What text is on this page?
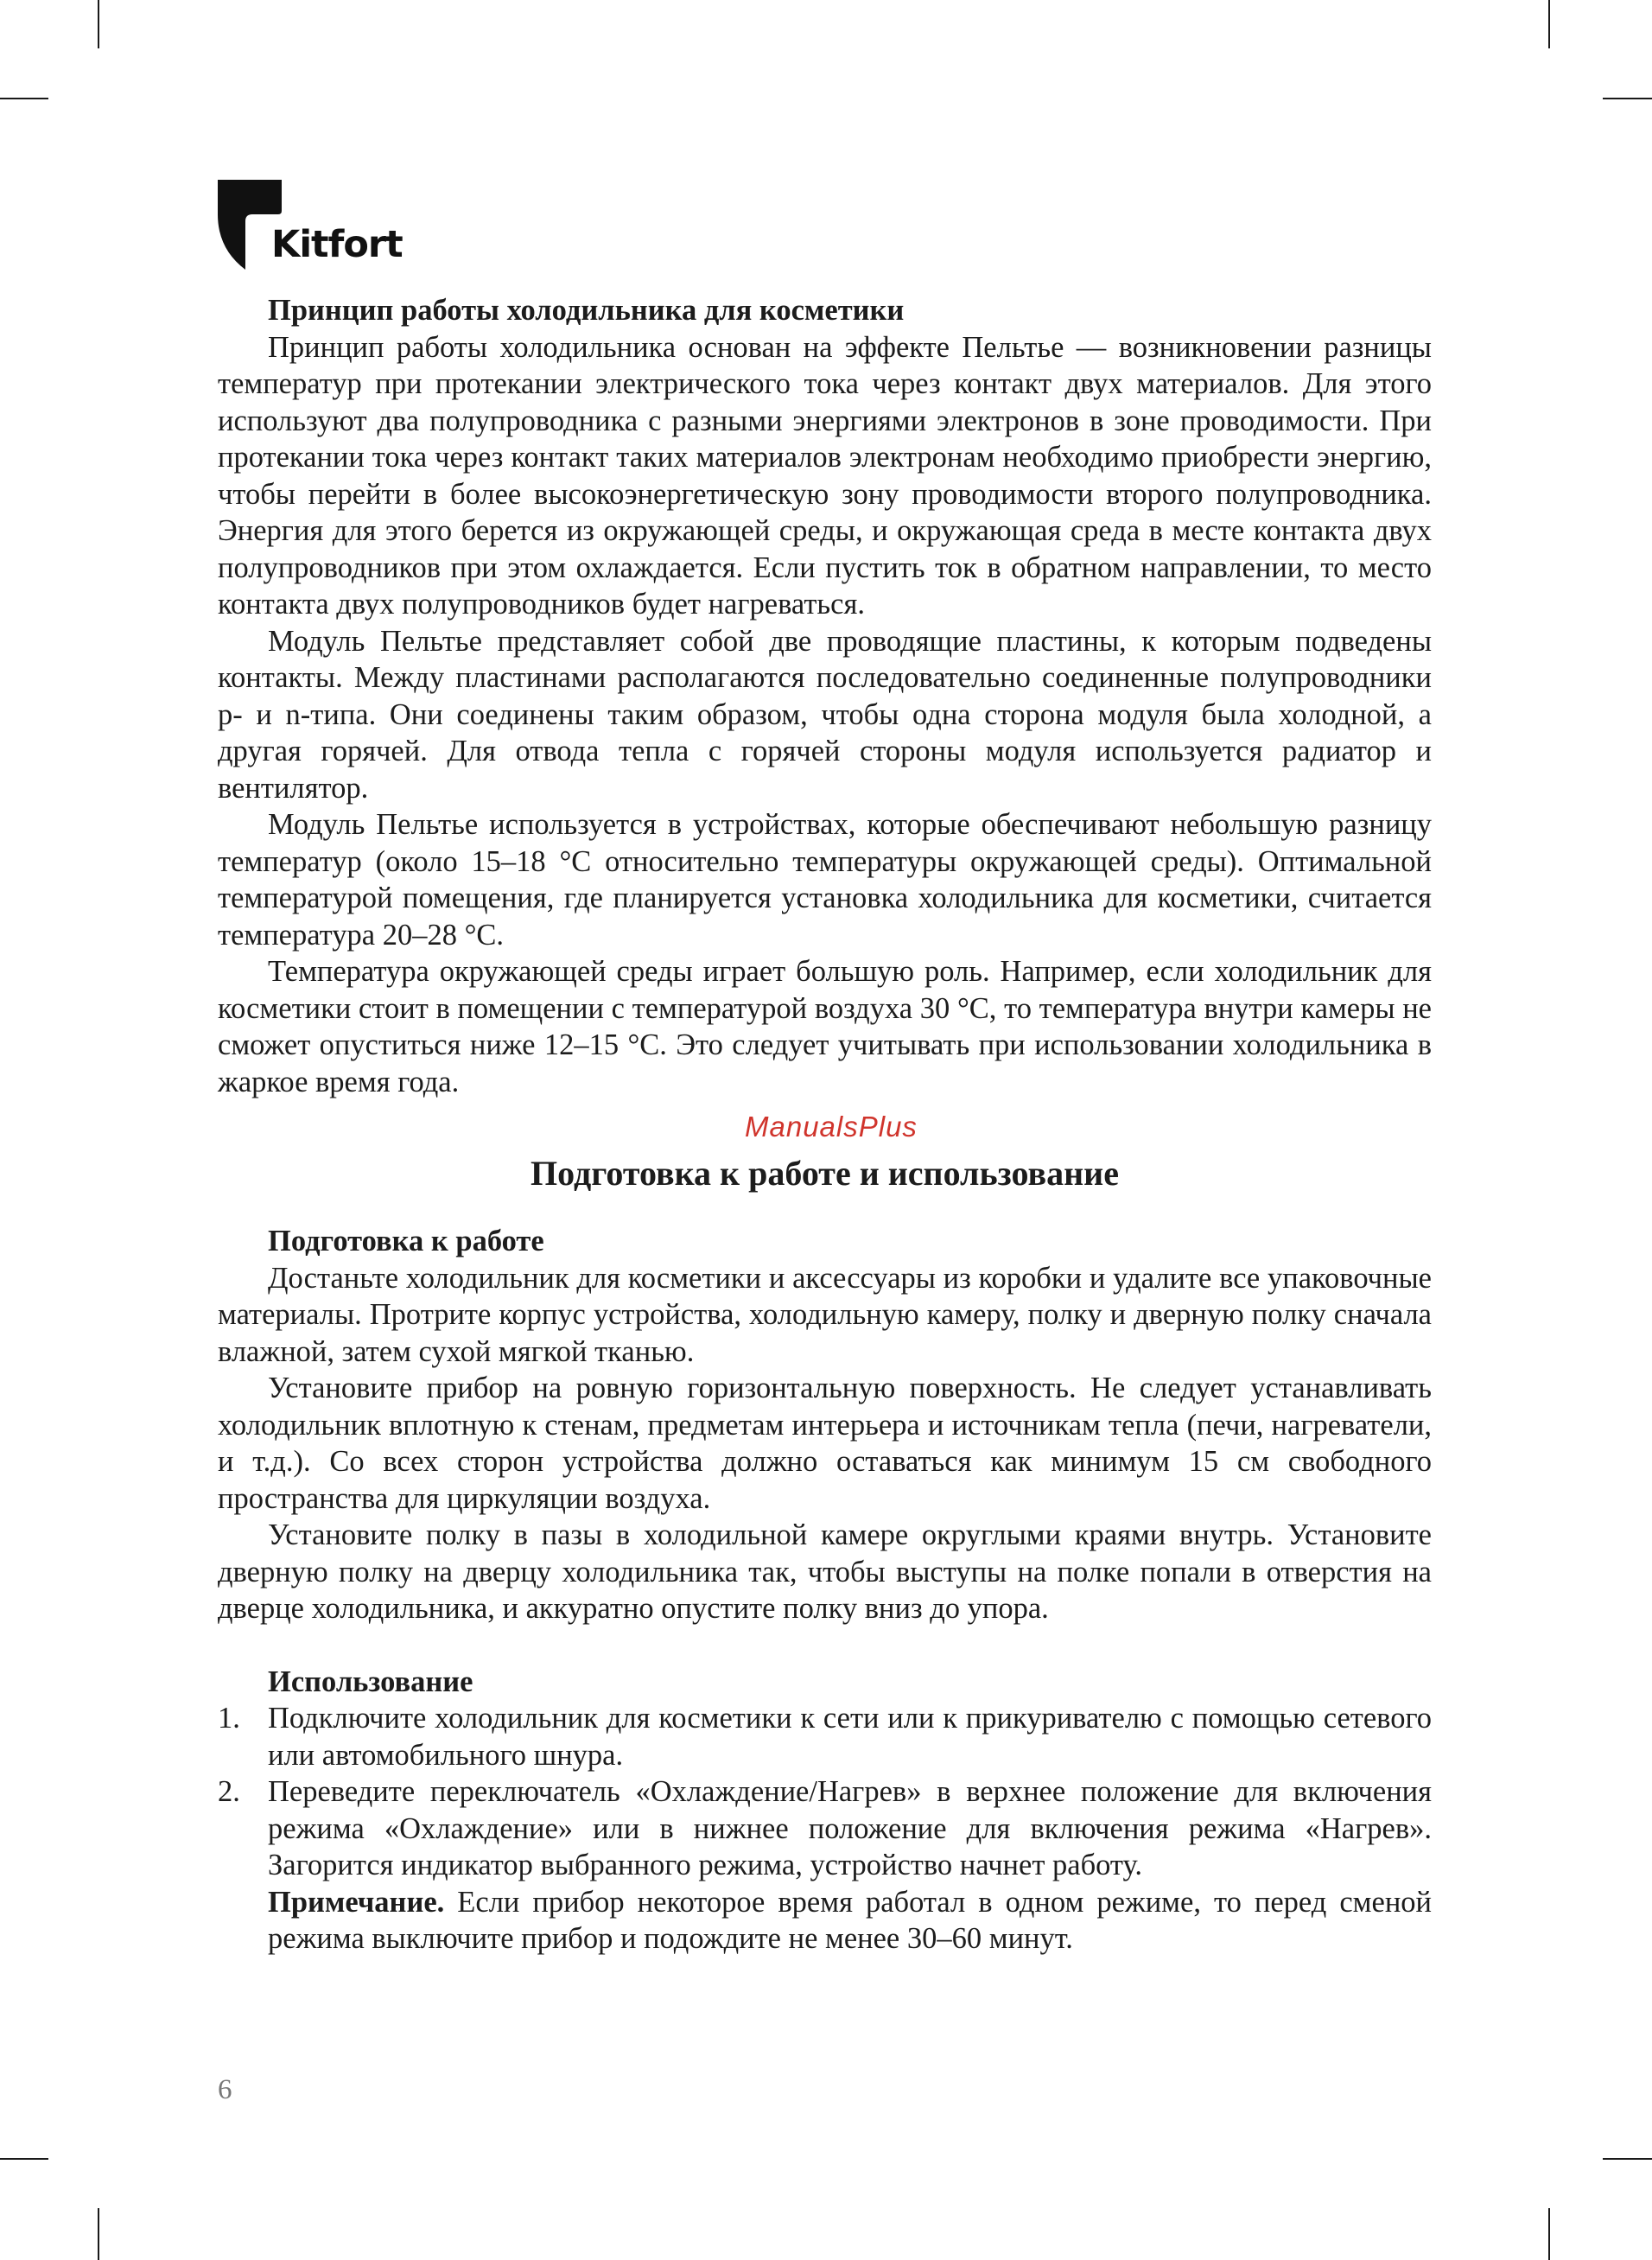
Kitfort
Принцип работы холодильника для косметики

Принцип работы холодильника основан на эффекте Пельтье — возникновении разницы температур при протекании электрического тока через контакт двух материалов. Для этого используют два полупроводника с разными энергиями электронов в зоне проводимости. При протекании тока через контакт таких материалов электронам необходимо приобрести энергию, чтобы перейти в более высокоэнергетическую зону проводимости второго полупроводника. Энергия для этого берется из окружающей среды, и окружающая среда в месте контакта двух полупроводников при этом охлаждается. Если пустить ток в обратном направлении, то место контакта двух полупроводников будет нагреваться.

Модуль Пельтье представляет собой две проводящие пластины, к которым подведены контакты. Между пластинами располагаются последовательно соединенные полупроводники p- и n-типа. Они соединены таким образом, чтобы одна сторона модуля была холодной, а другая горячей. Для отвода тепла с горячей стороны модуля используется радиатор и вентилятор.

Модуль Пельтье используется в устройствах, которые обеспечивают небольшую разницу температур (около 15–18 °C относительно температуры окружающей среды). Оптимальной температурой помещения, где планируется установка холодильника для косметики, считается температура 20–28 °C.

Температура окружающей среды играет большую роль. Например, если холодильник для косметики стоит в помещении с температурой воздуха 30 °C, то температура внутри камеры не сможет опуститься ниже 12–15 °C. Это следует учитывать при использовании холодильника в жаркое время года.

Подготовка к работе и использование
Подготовка к работе

Достаньте холодильник для косметики и аксессуары из коробки и удалите все упаковочные материалы. Протрите корпус устройства, холодильную камеру, полку и дверную полку сначала влажной, затем сухой мягкой тканью.

Установите прибор на ровную горизонтальную поверхность. Не следует устанавливать холодильник вплотную к стенам, предметам интерьера и источникам тепла (печи, нагреватели, и т.д.). Со всех сторон устройства должно оставаться как минимум 15 см свободного пространства для циркуляции воздуха.

Установите полку в пазы в холодильной камере округлыми краями внутрь. Установите дверную полку на дверцу холодильника так, чтобы выступы на полке попали в отверстия на дверце холодильника, и аккуратно опустите полку вниз до упора.

Использование
1. Подключите холодильник для косметики к сети или к прикуривателю с помощью сетевого или автомобильного шнура.
2. Переведите переключатель «Охлаждение/Нагрев» в верхнее положение для включения режима «Охлаждение» или в нижнее положение для включения режима «Нагрев». Загорится индикатор выбранного режима, устройство начнет работу.
Примечание. Если прибор некоторое время работал в одном режиме, то перед сменой режима выключите прибор и подождите не менее 30–60 минут.
ManualsPlus
6
